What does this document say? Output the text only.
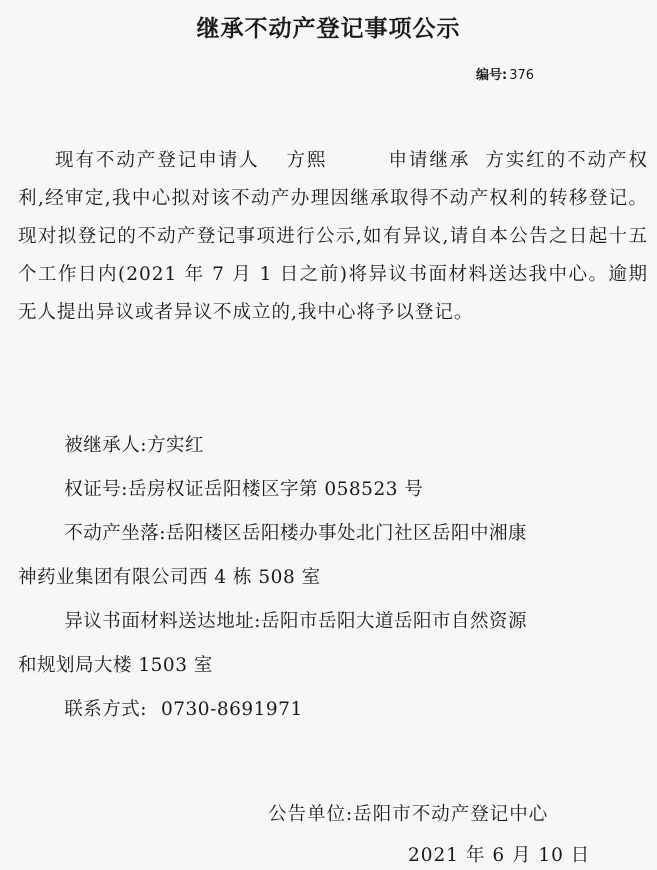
继承不动产登记事项公示
编号: 376

现有不动产登记申请人 方熙	申请继承 方实红的不动产权利,经审定,我中心拟对该不动产办理因继承取得不动产权利的转移登记。现对拟登记的不动产登记事项进行公示,如有异议,请自本公告之日起十五个工作日内(2021 年 7 月 1 日之前)将异议书面材料送达我中心。逾期无人提出异议或者异议不成立的,我中心将予以登记。

被继承人:方实红

权证号:岳房权证岳阳楼区字第 058523 号

不动产坐落:岳阳楼区岳阳楼办事处北门社区岳阳中湘康

神药业集团有限公司西 4 栋 508 室

异议书面材料送达地址:岳阳市岳阳大道岳阳市自然资源

和规划局大楼 1503 室

联系方式: 0730-8691971

公告单位:岳阳市不动产登记中心
2021 年 6 月 10 日
